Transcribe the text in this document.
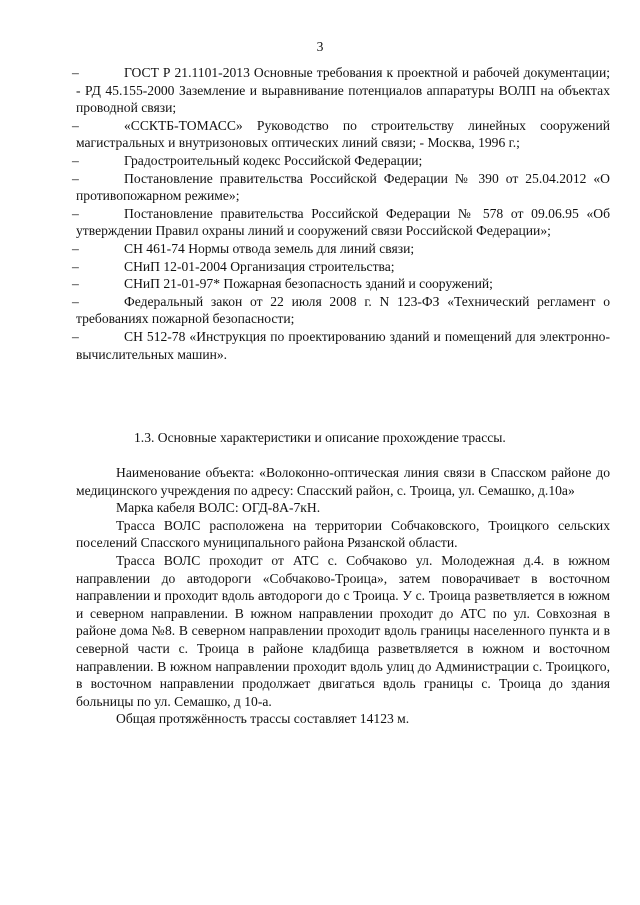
3
–	ГОСТ Р 21.1101-2013 Основные требования к проектной и рабочей документации; - РД 45.155-2000 Заземление и выравнивание потенциалов аппаратуры ВОЛП на объектах проводной связи;
–	«ССКТБ-ТОМАСС» Руководство по строительству линейных сооружений магистральных и внутризоновых оптических линий связи; - Москва, 1996 г.;
–	Градостроительный кодекс Российской Федерации;
–	Постановление правительства Российской Федерации № 390 от 25.04.2012 «О противопожарном режиме»;
–	Постановление правительства Российской Федерации № 578 от 09.06.95 «Об утверждении Правил охраны линий и сооружений связи Российской Федерации»;
–	СН 461-74 Нормы отвода земель для линий связи;
–	СНиП 12-01-2004 Организация строительства;
–	СНиП 21-01-97* Пожарная безопасность зданий и сооружений;
–	Федеральный закон от 22 июля 2008 г. N 123-ФЗ «Технический регламент о требованиях пожарной безопасности;
–	СН 512-78 «Инструкция по проектированию зданий и помещений для электронно-вычислительных машин».
1.3. Основные характеристики и описание прохождение трассы.

Наименование объекта: «Волоконно-оптическая линия связи в Спасском районе до медицинского учреждения по адресу: Спасский район, с. Троица, ул. Семашко, д.10а»

Марка кабеля ВОЛС: ОГД-8А-7кН.

Трасса ВОЛС расположена на территории Собчаковского, Троицкого сельских поселений Спасского муниципального района Рязанской области.

Трасса ВОЛС проходит от АТС с. Собчаково ул. Молодежная д.4. в южном направлении до автодороги «Собчаково-Троица», затем поворачивает в восточном направлении и проходит вдоль автодороги до с Троица. У с. Троица разветвляется в южном и северном направлении. В южном направлении проходит до АТС по ул. Совхозная в районе дома №8. В северном направлении проходит вдоль границы населенного пункта и в северной части с. Троица в районе кладбища разветвляется в южном и восточном направлении. В южном направлении проходит вдоль улиц до Администрации с. Троицкого, в восточном направлении продолжает двигаться вдоль границы с. Троица до здания больницы по ул. Семашко, д 10-а.

Общая протяжённость трассы составляет 14123 м.
